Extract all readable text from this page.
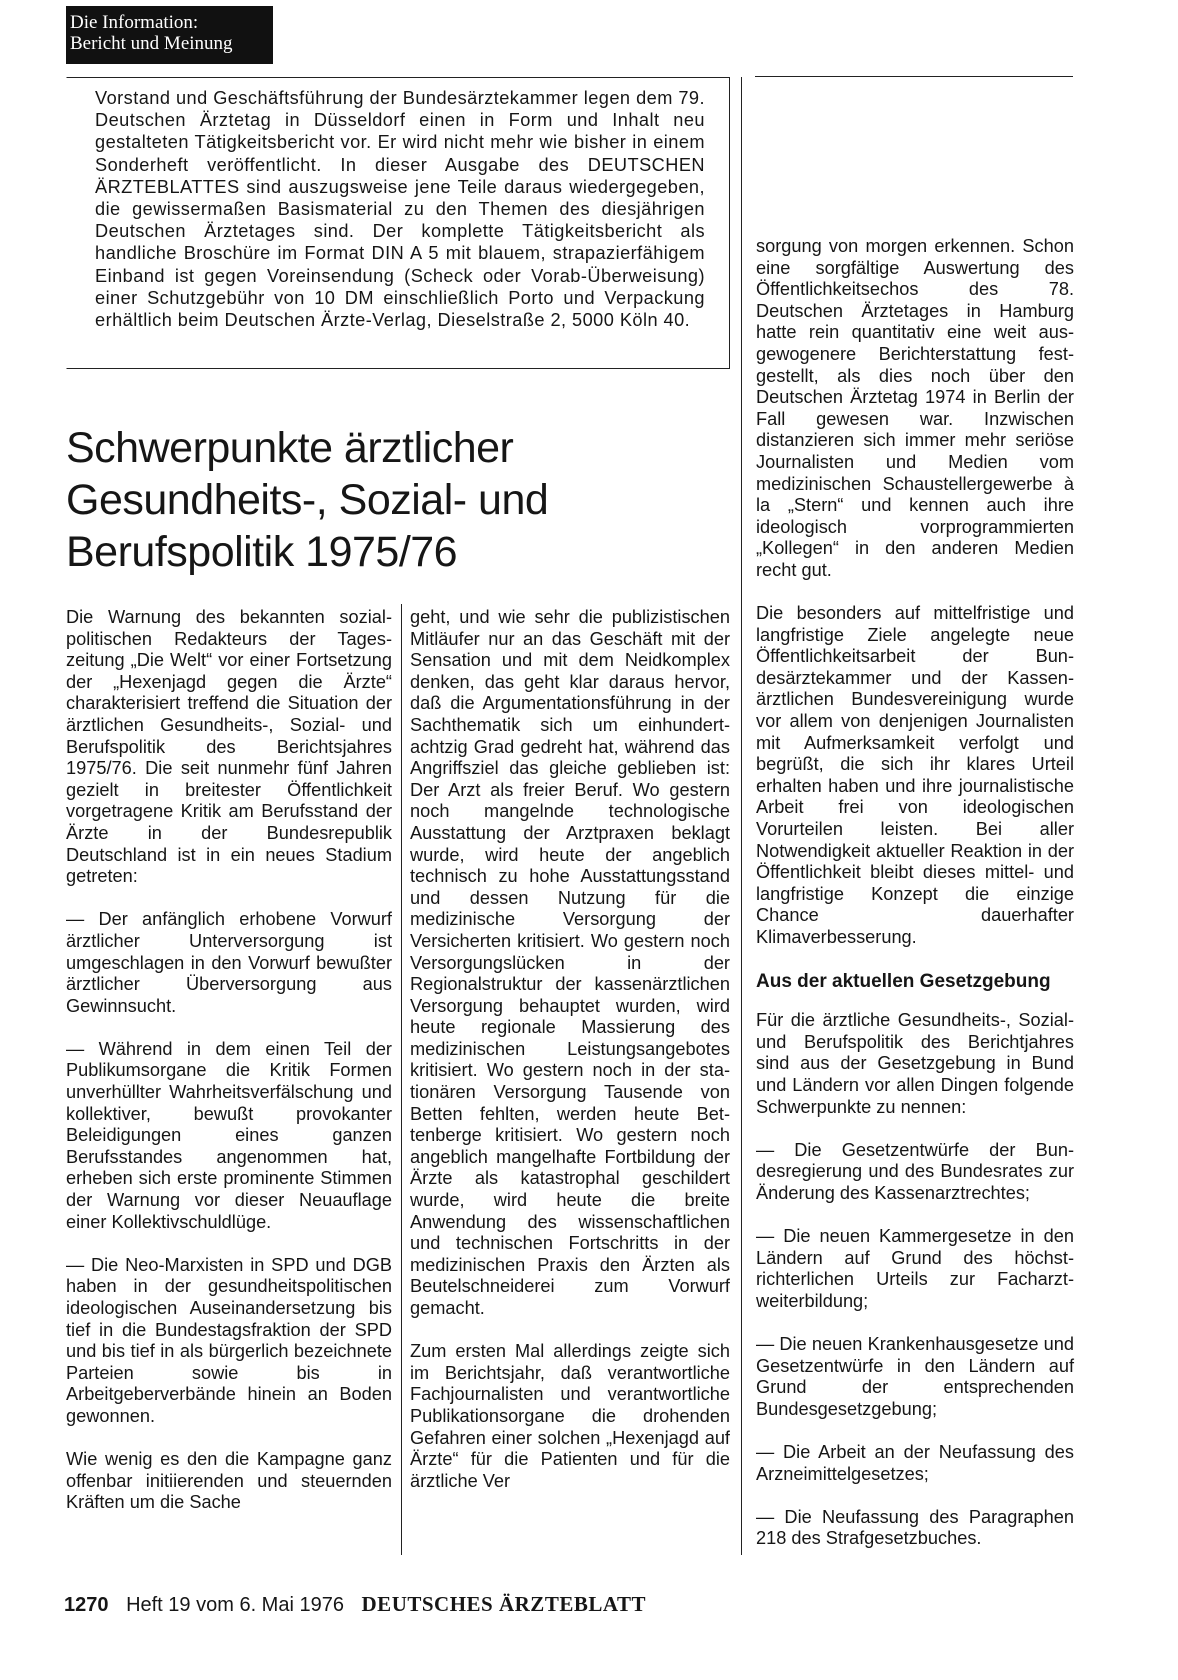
Die Information:
Bericht und Meinung

Vorstand und Geschäftsführung der Bundesärztekammer legen dem 79. Deutschen Ärztetag in Düsseldorf einen in Form und Inhalt neu gestalteten Tätigkeitsbericht vor. Er wird nicht mehr wie bisher in einem Sonderheft veröffentlicht. In dieser Ausgabe des DEUTSCHEN ÄRZTEBLATTES sind auszugsweise jene Teile daraus wiedergegeben, die gewissermaßen Basismaterial zu den Themen des diesjährigen Deutschen Ärztetages sind. Der komplette Tätigkeitsbericht als handliche Broschüre im Format DIN A 5 mit blauem, strapazierfähigem Einband ist gegen Voreinsendung (Scheck oder Vorab-Überweisung) einer Schutzgebühr von 10 DM einschließlich Porto und Verpackung erhältlich beim Deutschen Ärzte-Verlag, Dieselstraße 2, 5000 Köln 40.

Schwerpunkte ärztlicher Gesundheits-, Sozial- und Berufspolitik 1975/76

Die Warnung des bekannten sozialpolitischen Redakteurs der Tageszeitung „Die Welt“ vor einer Fortsetzung der „Hexenjagd gegen die Ärzte“ charakterisiert treffend die Situation der ärztlichen Gesundheits-, Sozial- und Berufspolitik des Berichtsjahres 1975/76. Die seit nunmehr fünf Jahren gezielt in breitester Öffentlichkeit vorgetragene Kritik am Berufsstand der Ärzte in der Bundesrepublik Deutschland ist in ein neues Stadium getreten:

— Der anfänglich erhobene Vorwurf ärztlicher Unterversorgung ist umgeschlagen in den Vorwurf bewußter ärztlicher Überversorgung aus Gewinnsucht.

— Während in dem einen Teil der Publikumsorgane die Kritik Formen unverhüllter Wahrheitsverfälschung und kollektiver, bewußt provokanter Beleidigungen eines ganzen Berufsstandes angenommen hat, erheben sich erste prominente Stimmen der Warnung vor dieser Neuauflage einer Kollektivschuldlüge.

— Die Neo-Marxisten in SPD und DGB haben in der gesundheitspolitischen ideologischen Auseinandersetzung bis tief in die Bundestagsfraktion der SPD und bis tief in als bürgerlich bezeichnete Parteien sowie bis in Arbeitgeberverbände hinein an Boden gewonnen.

Wie wenig es den die Kampagne ganz offenbar initiierenden und steuernden Kräften um die Sache

geht, und wie sehr die publizistischen Mitläufer nur an das Geschäft mit der Sensation und mit dem Neidkomplex denken, das geht klar daraus hervor, daß die Argumentationsführung in der Sachthematik sich um einhundertachtzig Grad gedreht hat, während das Angriffsziel das gleiche geblieben ist: Der Arzt als freier Beruf. Wo gestern noch mangelnde technologische Ausstattung der Arztpraxen beklagt wurde, wird heute der angeblich technisch zu hohe Ausstattungsstand und dessen Nutzung für die medizinische Versorgung der Versicherten kritisiert. Wo gestern noch Versorgungslücken in der Regionalstruktur der kassenärztlichen Versorgung behauptet wurden, wird heute regionale Massierung des medizinischen Leistungsangebotes kritisiert. Wo gestern noch in der stationären Versorgung Tausende von Betten fehlten, werden heute Bettenberge kritisiert. Wo gestern noch angeblich mangelhafte Fortbildung der Ärzte als katastrophal geschildert wurde, wird heute die breite Anwendung des wissenschaftlichen und technischen Fortschritts in der medizinischen Praxis den Ärzten als Beutelschneiderei zum Vorwurf gemacht.

Zum ersten Mal allerdings zeigte sich im Berichtsjahr, daß verantwortliche Fachjournalisten und verantwortliche Publikationsorgane die drohenden Gefahren einer solchen „Hexenjagd auf Ärzte“ für die Patienten und für die ärztliche Ver

sorgung von morgen erkennen. Schon eine sorgfältige Auswertung des Öffentlichkeitsechos des 78. Deutschen Ärztetages in Hamburg hatte rein quantitativ eine weit ausgewogenere Berichterstattung festgestellt, als dies noch über den Deutschen Ärztetag 1974 in Berlin der Fall gewesen war. Inzwischen distanzieren sich immer mehr seriöse Journalisten und Medien vom medizinischen Schaustellergewerbe à la „Stern“ und kennen auch ihre ideologisch vorprogrammierten „Kollegen“ in den anderen Medien recht gut.

Die besonders auf mittelfristige und langfristige Ziele angelegte neue Öffentlichkeitsarbeit der Bundesärztekammer und der Kassenärztlichen Bundesvereinigung wurde vor allem von denjenigen Journalisten mit Aufmerksamkeit verfolgt und begrüßt, die sich ihr klares Urteil erhalten haben und ihre journalistische Arbeit frei von ideologischen Vorurteilen leisten. Bei aller Notwendigkeit aktueller Reaktion in der Öffentlichkeit bleibt dieses mittel- und langfristige Konzept die einzige Chance dauerhafter Klimaverbesserung.

Aus der aktuellen Gesetzgebung

Für die ärztliche Gesundheits-, Sozial- und Berufspolitik des Berichtjahres sind aus der Gesetzgebung in Bund und Ländern vor allen Dingen folgende Schwerpunkte zu nennen:

— Die Gesetzentwürfe der Bundesregierung und des Bundesrates zur Änderung des Kassenarztrechtes;

— Die neuen Kammergesetze in den Ländern auf Grund des höchstrichterlichen Urteils zur Facharztweiterbildung;

— Die neuen Krankenhausgesetze und Gesetzentwürfe in den Ländern auf Grund der entsprechenden Bundesgesetzgebung;

— Die Arbeit an der Neufassung des Arzneimittelgesetzes;

— Die Neufassung des Paragraphen 218 des Strafgesetzbuches.

1270 Heft 19 vom 6. Mai 1976 DEUTSCHES ÄRZTEBLATT
